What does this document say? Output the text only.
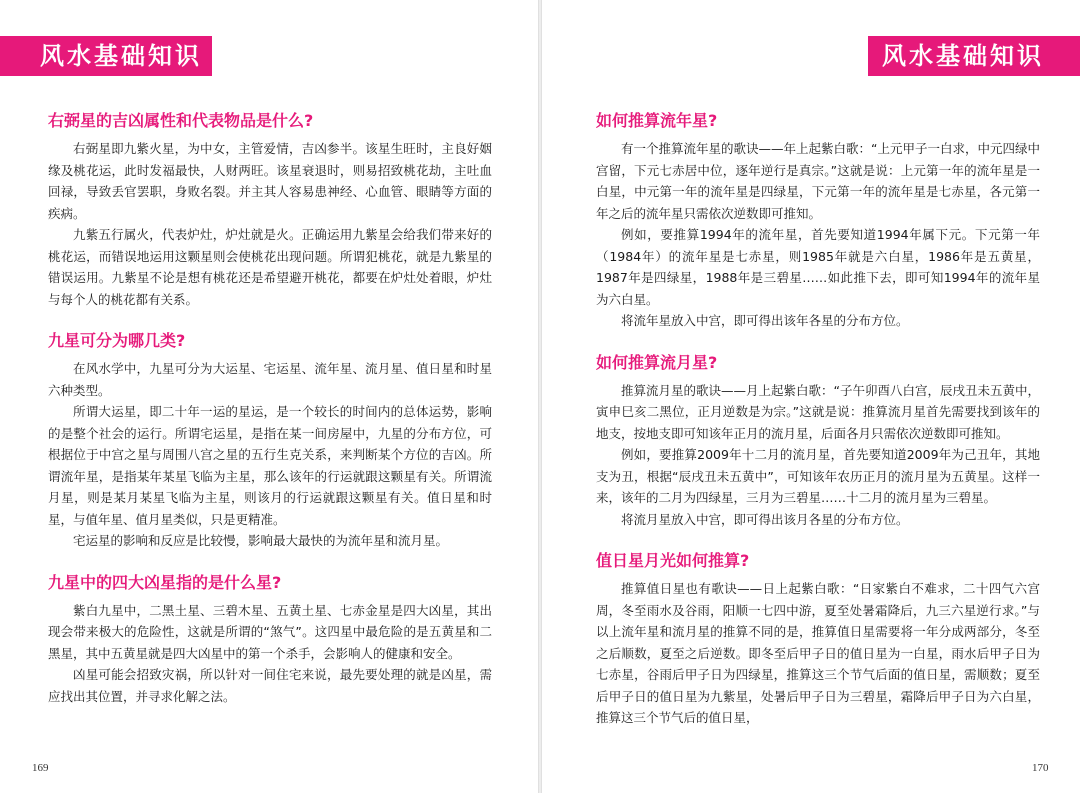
风水基础知识
右弼星的吉凶属性和代表物品是什么?

右弼星即九紫火星，为中女，主管爱情，吉凶参半。该星生旺时，主良好姻缘及桃花运，此时发福最快，人财两旺。该星衰退时，则易招致桃花劫，主吐血回禄，导致丢官罢职，身败名裂。并主其人容易患神经、心血管、眼睛等方面的疾病。

九紫五行属火，代表炉灶，炉灶就是火。正确运用九紫星会给我们带来好的桃花运，而错误地运用这颗星则会使桃花出现问题。所谓犯桃花，就是九紫星的错误运用。九紫星不论是想有桃花还是希望避开桃花，都要在炉灶处着眼，炉灶与每个人的桃花都有关系。

九星可分为哪几类?

在风水学中，九星可分为大运星、宅运星、流年星、流月星、值日星和时星六种类型。

所谓大运星，即二十年一运的星运，是一个较长的时间内的总体运势，影响的是整个社会的运行。所谓宅运星，是指在某一间房屋中，九星的分布方位，可根据位于中宫之星与周围八宫之星的五行生克关系，来判断某个方位的吉凶。所谓流年星，是指某年某星飞临为主星，那么该年的行运就跟这颗星有关。所谓流月星，则是某月某星飞临为主星，则该月的行运就跟这颗星有关。值日星和时星，与值年星、值月星类似，只是更精准。

宅运星的影响和反应是比较慢，影响最大最快的为流年星和流月星。

九星中的四大凶星指的是什么星?

紫白九星中，二黑土星、三碧木星、五黄土星、七赤金星是四大凶星，其出现会带来极大的危险性，这就是所谓的“煞气”。这四星中最危险的是五黄星和二黑星，其中五黄星就是四大凶星中的第一个杀手，会影响人的健康和安全。

凶星可能会招致灾祸，所以针对一间住宅来说，最先要处理的就是凶星，需应找出其位置，并寻求化解之法。

169
风水基础知识
如何推算流年星?

有一个推算流年星的歌诀——年上起紫白歌：“上元甲子一白求，中元四绿中宫留，下元七赤居中位，逐年逆行是真宗。”这就是说：上元第一年的流年星是一白星，中元第一年的流年星是四绿星，下元第一年的流年星是七赤星，各元第一年之后的流年星只需依次逆数即可推知。

例如，要推算1994年的流年星，首先要知道1994年属下元。下元第一年（1984年）的流年星是七赤星，则1985年就是六白星，1986年是五黄星，1987年是四绿星，1988年是三碧星……如此推下去，即可知1994年的流年星为六白星。

将流年星放入中宫，即可得出该年各星的分布方位。

如何推算流月星?

推算流月星的歌诀——月上起紫白歌：“子午卯酉八白宫，辰戌丑未五黄中，寅申巳亥二黑位，正月逆数是为宗。”这就是说：推算流月星首先需要找到该年的地支，按地支即可知该年正月的流月星，后面各月只需依次逆数即可推知。

例如，要推算2009年十二月的流月星，首先要知道2009年为己丑年，其地支为丑，根据“辰戌丑未五黄中”，可知该年农历正月的流月星为五黄星。这样一来，该年的二月为四绿星，三月为三碧星……十二月的流月星为三碧星。

将流月星放入中宫，即可得出该月各星的分布方位。

值日星月光如何推算?

推算值日星也有歌诀——日上起紫白歌：“日家紫白不难求，二十四气六宫周，冬至雨水及谷雨，阳顺一七四中游，夏至处暑霜降后，九三六星逆行求。”与以上流年星和流月星的推算不同的是，推算值日星需要将一年分成两部分，冬至之后顺数，夏至之后逆数。即冬至后甲子日的值日星为一白星，雨水后甲子日为七赤星，谷雨后甲子日为四绿星，推算这三个节气后面的值日星，需顺数；夏至后甲子日的值日星为九紫星，处暑后甲子日为三碧星，霜降后甲子日为六白星，推算这三个节气后的值日星，

170
